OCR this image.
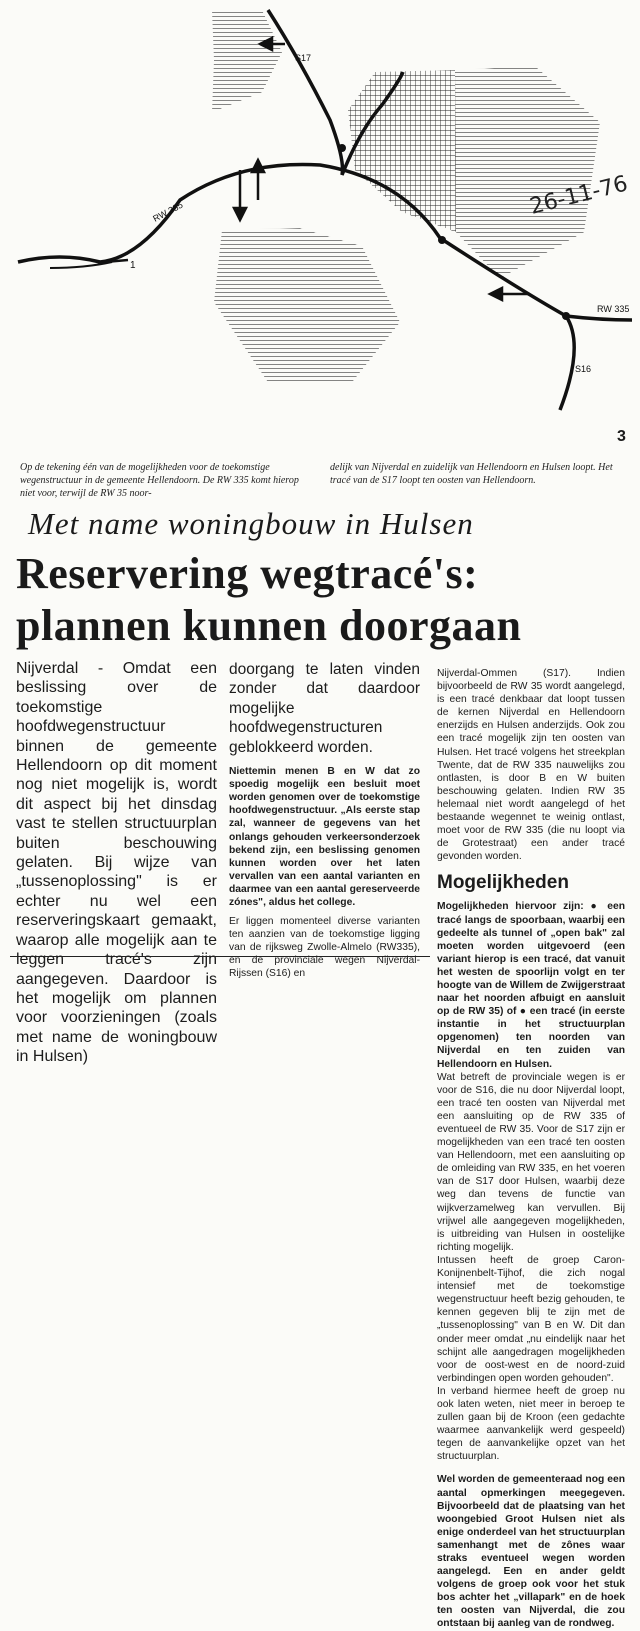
S17
RW 335
RW 335
S16
1
26-11-76
3
Op de tekening één van de mogelijkheden voor de toekomstige wegenstructuur in de gemeente Hellendoorn. De RW 335 komt hierop niet voor, terwijl de RW 35 noor-
delijk van Nijverdal en zuidelijk van Hellendoorn en Hulsen loopt. Het tracé van de S17 loopt ten oosten van Hellendoorn.
Met name woningbouw in Hulsen
Reservering wegtracé's: plannen kunnen doorgaan
Nijverdal - Omdat een beslissing over de toekomstige hoofdwegenstructuur binnen de gemeente Hellendoorn op dit moment nog niet mogelijk is, wordt dit aspect bij het dinsdag vast te stellen structuurplan buiten beschouwing gelaten. Bij wijze van „tussenoplossing" is er echter nu wel een reserveringskaart gemaakt, waarop alle mogelijk aan te leggen tracé's zijn aangegeven. Daardoor is het mogelijk om plannen voor voorzieningen (zoals met name de woningbouw in Hulsen)
doorgang te laten vinden zonder dat daardoor mogelijke hoofdwegenstructuren geblokkeerd worden.

Niettemin menen B en W dat zo spoedig mogelijk een besluit moet worden genomen over de toekomstige hoofdwegenstructuur. „Als eerste stap zal, wanneer de gegevens van het onlangs gehouden verkeersonderzoek bekend zijn, een beslissing genomen kunnen worden over het laten vervallen van een aantal varianten en daarmee van een aantal gereserveerde zónes", aldus het college.

Er liggen momenteel diverse varianten ten aanzien van de toekomstige ligging van de rijksweg Zwolle-Almelo (RW335), en de provinciale wegen Nijverdal-Rijssen (S16) en

Nijverdal-Ommen (S17). Indien bijvoorbeeld de RW 35 wordt aangelegd, is een tracé denkbaar dat loopt tussen de kernen Nijverdal en Hellendoorn enerzijds en Hulsen anderzijds. Ook zou een tracé mogelijk zijn ten oosten van Hulsen. Het tracé volgens het streekplan Twente, dat de RW 335 nauwelijks zou ontlasten, is door B en W buiten beschouwing gelaten. Indien RW 35 helemaal niet wordt aangelegd of het bestaande wegennet te weinig ontlast, moet voor de RW 335 (die nu loopt via de Grotestraat) een ander tracé gevonden worden.

Mogelijkheden

Mogelijkheden hiervoor zijn: ● een tracé langs de spoorbaan, waarbij een gedeelte als tunnel of „open bak" zal moeten worden uitgevoerd (een variant hierop is een tracé, dat vanuit het westen de spoorlijn volgt en ter hoogte van de Willem de Zwijgerstraat naar het noorden afbuigt en aansluit op de RW 35) of ● een tracé (in eerste instantie in het structuurplan opgenomen) ten noorden van Nijverdal en ten zuiden van Hellendoorn en Hulsen.

Wat betreft de provinciale wegen is er voor de S16, die nu door Nijverdal loopt, een tracé ten oosten van Nijverdal met een aansluiting op de RW 335 of eventueel de RW 35. Voor de S17 zijn er mogelijkheden van een tracé ten oosten van Hellendoorn, met een aansluiting op de omleiding van RW 335, en het voeren van de S17 door Hulsen, waarbij deze weg dan tevens de functie van wijkverzamelweg kan vervullen. Bij vrijwel alle aangegeven mogelijkheden, is uitbreiding van Hulsen in oostelijke richting mogelijk.

Intussen heeft de groep Caron-Konijnenbelt-Tijhof, die zich nogal intensief met de toekomstige wegenstructuur heeft bezig gehouden, te kennen gegeven blij te zijn met de „tussenoplossing" van B en W. Dit dan onder meer omdat „nu eindelijk naar het schijnt alle aangedragen mogelijkheden voor de oost-west en de noord-zuid verbindingen open worden gehouden".

In verband hiermee heeft de groep nu ook laten weten, niet meer in beroep te zullen gaan bij de Kroon (een gedachte waarmee aanvankelijk werd gespeeld) tegen de aanvankelijke opzet van het structuurplan.

Wel worden de gemeenteraad nog een aantal opmerkingen meegegeven. Bijvoorbeeld dat de plaatsing van het woongebied Groot Hulsen niet als enige onderdeel van het structuurplan samenhangt met de zônes waar straks eventueel wegen worden aangelegd. Een en ander geldt volgens de groep ook voor het stuk bos achter het „villapark" en de hoek ten oosten van Nijverdal, die zou ontstaan bij aanleg van de rondweg.
